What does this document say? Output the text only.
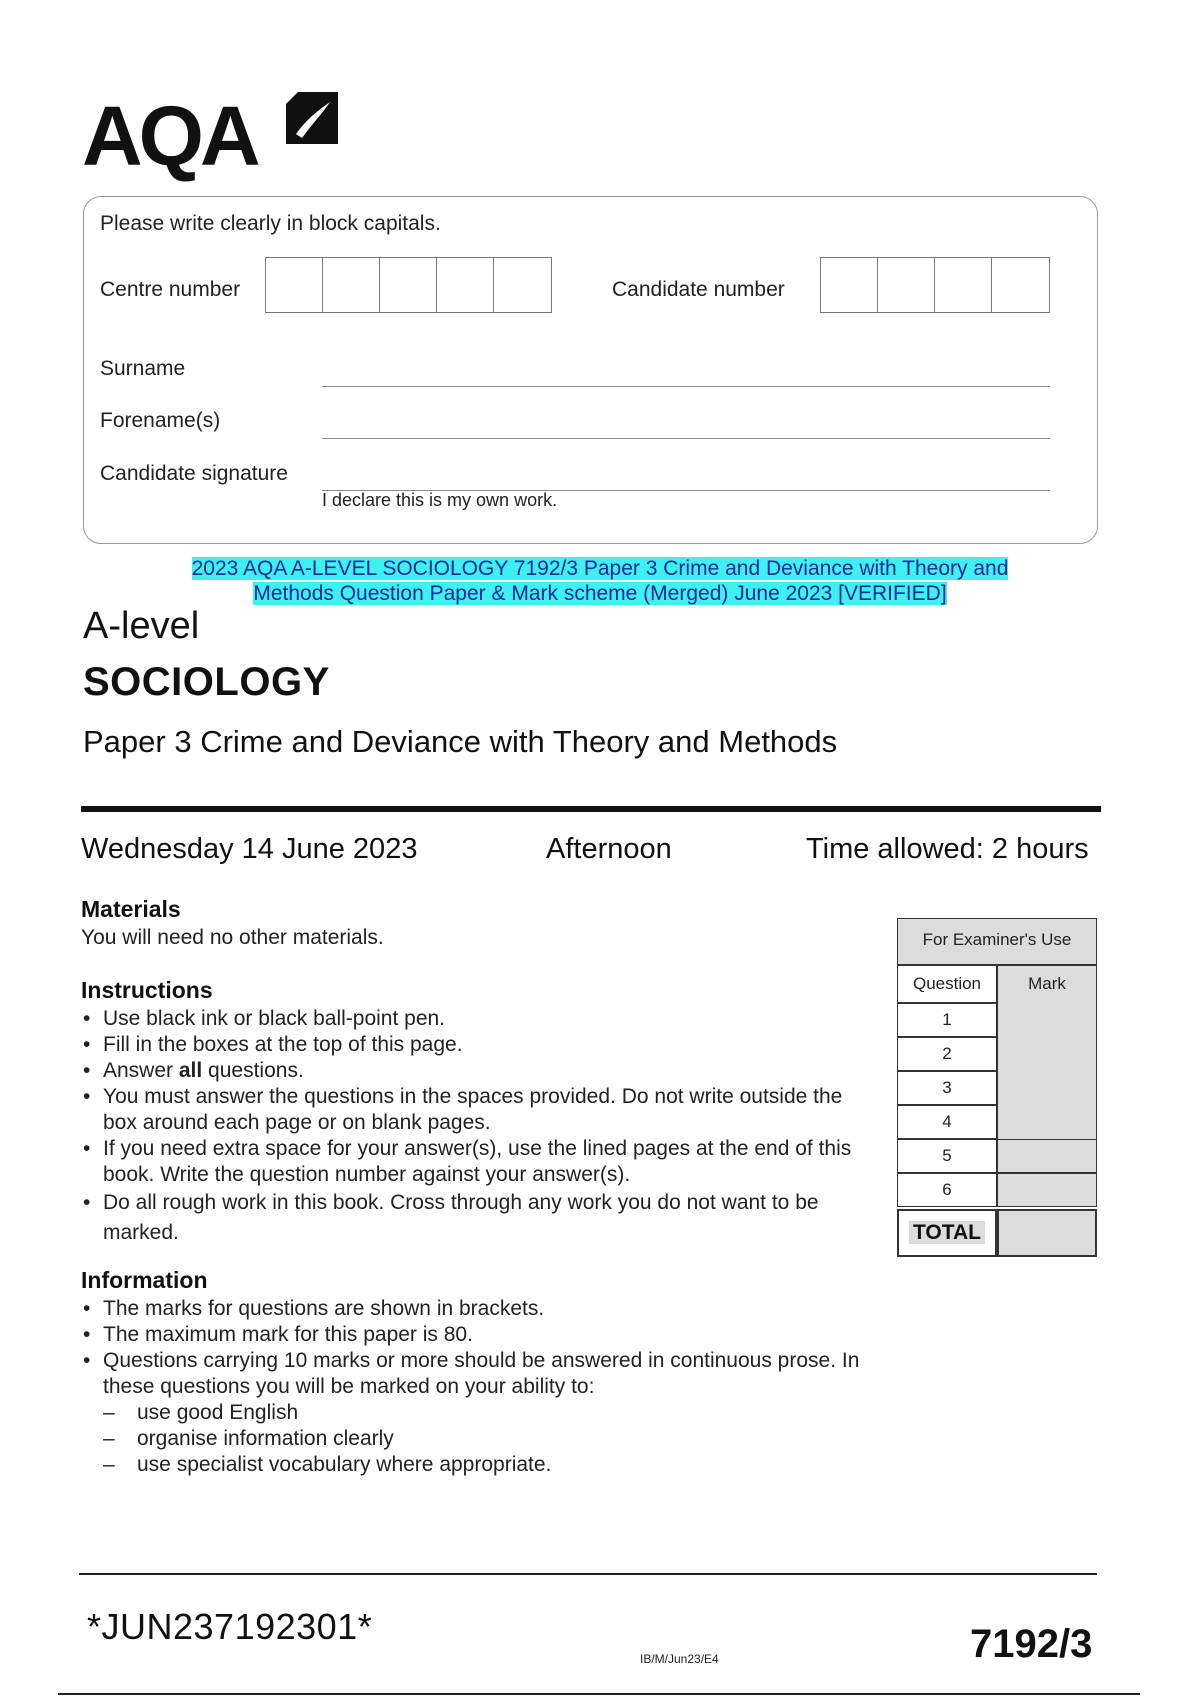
AQA
Please write clearly in block capitals.
Centre number	Candidate number
Surname
Forename(s)
Candidate signature
I declare this is my own work.
2023 AQA A-LEVEL SOCIOLOGY 7192/3 Paper 3 Crime and Deviance with Theory and
Methods Question Paper & Mark scheme (Merged) June 2023 [VERIFIED]
A-level
SOCIOLOGY
Paper 3 Crime and Deviance with Theory and Methods
Wednesday 14 June 2023	Afternoon	Time allowed: 2 hours
Materials
You will need no other materials.
Instructions
• Use black ink or black ball-point pen.
• Fill in the boxes at the top of this page.
• Answer all questions.
• You must answer the questions in the spaces provided. Do not write outside the box around each page or on blank pages.
• If you need extra space for your answer(s), use the lined pages at the end of this book. Write the question number against your answer(s).
• Do all rough work in this book. Cross through any work you do not want to be marked.
Information
• The marks for questions are shown in brackets.
• The maximum mark for this paper is 80.
• Questions carrying 10 marks or more should be answered in continuous prose. In these questions you will be marked on your ability to:
– use good English
– organise information clearly
– use specialist vocabulary where appropriate.
For Examiner's Use
Question	Mark
1
2
3
4
5
6
TOTAL
*JUN237192301*
IB/M/Jun23/E4	7192/3
